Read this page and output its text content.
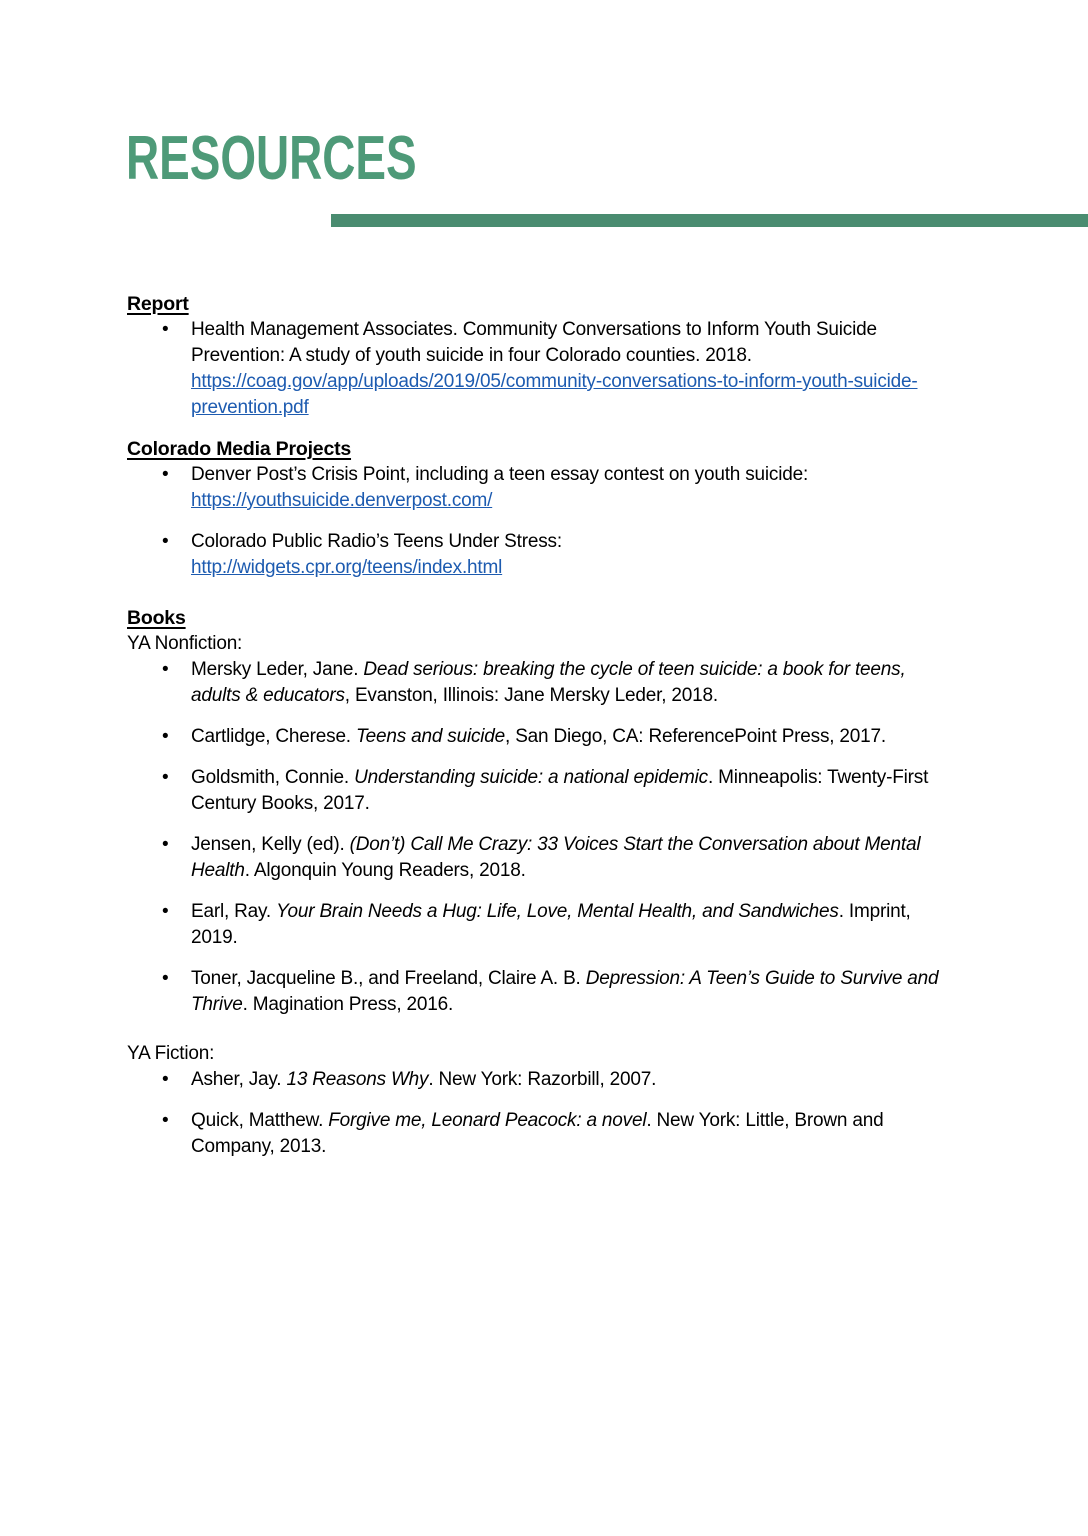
RESOURCES
Report
• Health Management Associates. Community Conversations to Inform Youth Suicide Prevention: A study of youth suicide in four Colorado counties. 2018. https://coag.gov/app/uploads/2019/05/community-conversations-to-inform-youth-suicide-prevention.pdf
Colorado Media Projects
• Denver Post’s Crisis Point, including a teen essay contest on youth suicide:
https://youthsuicide.denverpost.com/
• Colorado Public Radio’s Teens Under Stress:
http://widgets.cpr.org/teens/index.html
Books

YA Nonfiction:

• Mersky Leder, Jane. Dead serious: breaking the cycle of teen suicide: a book for teens, adults & educators, Evanston, Illinois: Jane Mersky Leder, 2018.
• Cartlidge, Cherese. Teens and suicide, San Diego, CA: ReferencePoint Press, 2017.
• Goldsmith, Connie. Understanding suicide: a national epidemic. Minneapolis: Twenty-First Century Books, 2017.
• Jensen, Kelly (ed). (Don’t) Call Me Crazy: 33 Voices Start the Conversation about Mental Health. Algonquin Young Readers, 2018.
• Earl, Ray. Your Brain Needs a Hug: Life, Love, Mental Health, and Sandwiches. Imprint, 2019.
• Toner, Jacqueline B., and Freeland, Claire A. B. Depression: A Teen’s Guide to Survive and Thrive. Magination Press, 2016.

YA Fiction:

• Asher, Jay. 13 Reasons Why. New York: Razorbill, 2007.
• Quick, Matthew. Forgive me, Leonard Peacock: a novel. New York: Little, Brown and Company, 2013.
